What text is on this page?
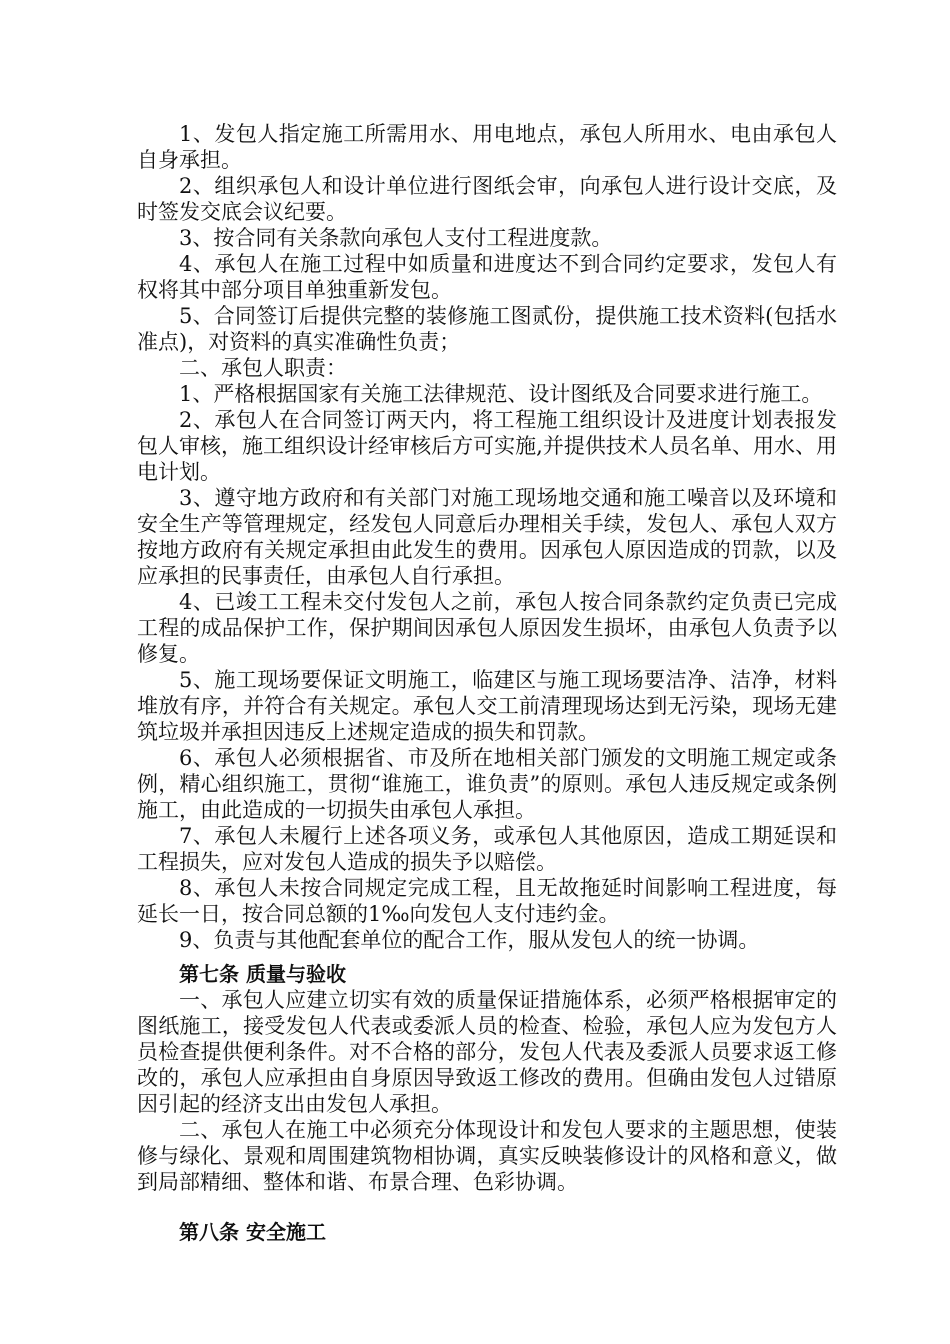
1、发包人指定施工所需用水、用电地点，承包人所用水、电由承包人自身承担。

2、组织承包人和设计单位进行图纸会审，向承包人进行设计交底，及时签发交底会议纪要。

3、按合同有关条款向承包人支付工程进度款。

4、承包人在施工过程中如质量和进度达不到合同约定要求，发包人有权将其中部分项目单独重新发包。

5、合同签订后提供完整的装修施工图贰份，提供施工技术资料(包括水准点)，对资料的真实准确性负责；

二、承包人职责：

1、严格根据国家有关施工法律规范、设计图纸及合同要求进行施工。

2、承包人在合同签订两天内，将工程施工组织设计及进度计划表报发包人审核，施工组织设计经审核后方可实施,并提供技术人员名单、用水、用电计划。

3、遵守地方政府和有关部门对施工现场地交通和施工噪音以及环境和安全生产等管理规定，经发包人同意后办理相关手续，发包人、承包人双方按地方政府有关规定承担由此发生的费用。因承包人原因造成的罚款，以及应承担的民事责任，由承包人自行承担。

4、已竣工工程未交付发包人之前，承包人按合同条款约定负责已完成工程的成品保护工作，保护期间因承包人原因发生损坏，由承包人负责予以修复。

5、施工现场要保证文明施工，临建区与施工现场要洁净、洁净，材料堆放有序，并符合有关规定。承包人交工前清理现场达到无污染，现场无建筑垃圾并承担因违反上述规定造成的损失和罚款。

6、承包人必须根据省、市及所在地相关部门颁发的文明施工规定或条例，精心组织施工，贯彻“谁施工，谁负责”的原则。承包人违反规定或条例施工，由此造成的一切损失由承包人承担。

7、承包人未履行上述各项义务，或承包人其他原因，造成工期延误和工程损失，应对发包人造成的损失予以赔偿。

8、承包人未按合同规定完成工程，且无故拖延时间影响工程进度，每延长一日，按合同总额的1‰向发包人支付违约金。

9、负责与其他配套单位的配合工作，服从发包人的统一协调。

第七条 质量与验收

一、承包人应建立切实有效的质量保证措施体系，必须严格根据审定的图纸施工，接受发包人代表或委派人员的检查、检验，承包人应为发包方人员检查提供便利条件。对不合格的部分，发包人代表及委派人员要求返工修改的，承包人应承担由自身原因导致返工修改的费用。但确由发包人过错原因引起的经济支出由发包人承担。

二、承包人在施工中必须充分体现设计和发包人要求的主题思想，使装修与绿化、景观和周围建筑物相协调，真实反映装修设计的风格和意义，做到局部精细、整体和谐、布景合理、色彩协调。

第八条 安全施工
